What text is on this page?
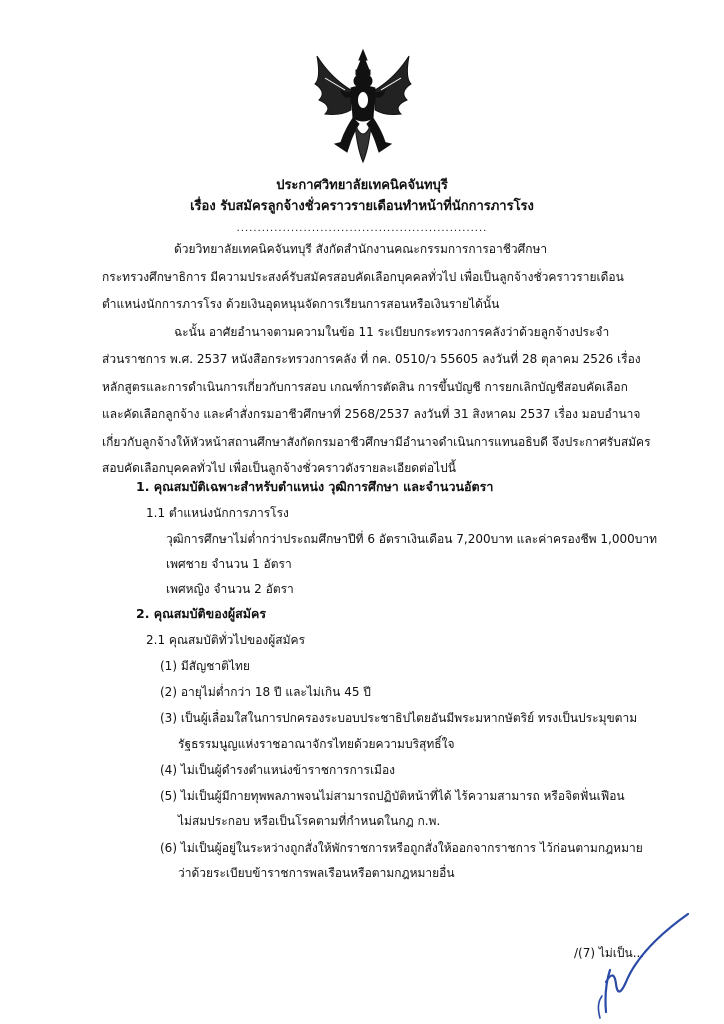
ประกาศวิทยาลัยเทคนิคจันทบุรี
เรื่อง รับสมัครลูกจ้างชั่วคราวรายเดือนทำหน้าที่นักการภารโรง
............................................................
ด้วยวิทยาลัยเทคนิคจันทบุรี สังกัดสำนักงานคณะกรรมการการอาชีวศึกษา
กระทรวงศึกษาธิการ มีความประสงค์รับสมัครสอบคัดเลือกบุคคลทั่วไป เพื่อเป็นลูกจ้างชั่วคราวรายเดือน
ตำแหน่งนักการภารโรง ด้วยเงินอุดหนุนจัดการเรียนการสอนหรือเงินรายได้นั้น
ฉะนั้น อาศัยอำนาจตามความในข้อ 11 ระเบียบกระทรวงการคลังว่าด้วยลูกจ้างประจำ
ส่วนราชการ พ.ศ. 2537 หนังสือกระทรวงการคลัง ที่ กค. 0510/ว 55605 ลงวันที่ 28 ตุลาคม 2526 เรื่อง
หลักสูตรและการดำเนินการเกี่ยวกับการสอบ เกณฑ์การตัดสิน การขึ้นบัญชี การยกเลิกบัญชีสอบคัดเลือก
และคัดเลือกลูกจ้าง และคำสั่งกรมอาชีวศึกษาที่ 2568/2537 ลงวันที่ 31 สิงหาคม 2537 เรื่อง มอบอำนาจ
เกี่ยวกับลูกจ้างให้หัวหน้าสถานศึกษาสังกัดกรมอาชีวศึกษามีอำนาจดำเนินการแทนอธิบดี จึงประกาศรับสมัคร
สอบคัดเลือกบุคคลทั่วไป เพื่อเป็นลูกจ้างชั่วคราวดังรายละเอียดต่อไปนี้
1. คุณสมบัติเฉพาะสำหรับตำแหน่ง วุฒิการศึกษา และจำนวนอัตรา
1.1 ตำแหน่งนักการภารโรง
วุฒิการศึกษาไม่ต่ำกว่าประถมศึกษาปีที่ 6 อัตราเงินเดือน 7,200บาท และค่าครองชีพ 1,000บาท
เพศชาย จำนวน 1 อัตรา
เพศหญิง จำนวน 2 อัตรา
2. คุณสมบัติของผู้สมัคร
2.1 คุณสมบัติทั่วไปของผู้สมัคร
(1) มีสัญชาติไทย
(2) อายุไม่ต่ำกว่า 18 ปี และไม่เกิน 45 ปี
(3) เป็นผู้เลื่อมใสในการปกครองระบอบประชาธิปไตยอันมีพระมหากษัตริย์ ทรงเป็นประมุขตาม
รัฐธรรมนูญแห่งราชอาณาจักรไทยด้วยความบริสุทธิ์ใจ
(4) ไม่เป็นผู้ดำรงตำแหน่งข้าราชการการเมือง
(5) ไม่เป็นผู้มีกายทุพพลภาพจนไม่สามารถปฏิบัติหน้าที่ได้ ไร้ความสามารถ หรือจิตฟั่นเฟือน
ไม่สมประกอบ หรือเป็นโรคตามที่กำหนดในกฎ ก.พ.
(6) ไม่เป็นผู้อยู่ในระหว่างถูกสั่งให้พักราชการหรือถูกสั่งให้ออกจากราชการ ไว้ก่อนตามกฎหมาย
ว่าด้วยระเบียบข้าราชการพลเรือนหรือตามกฎหมายอื่น
/(7) ไม่เป็น...
